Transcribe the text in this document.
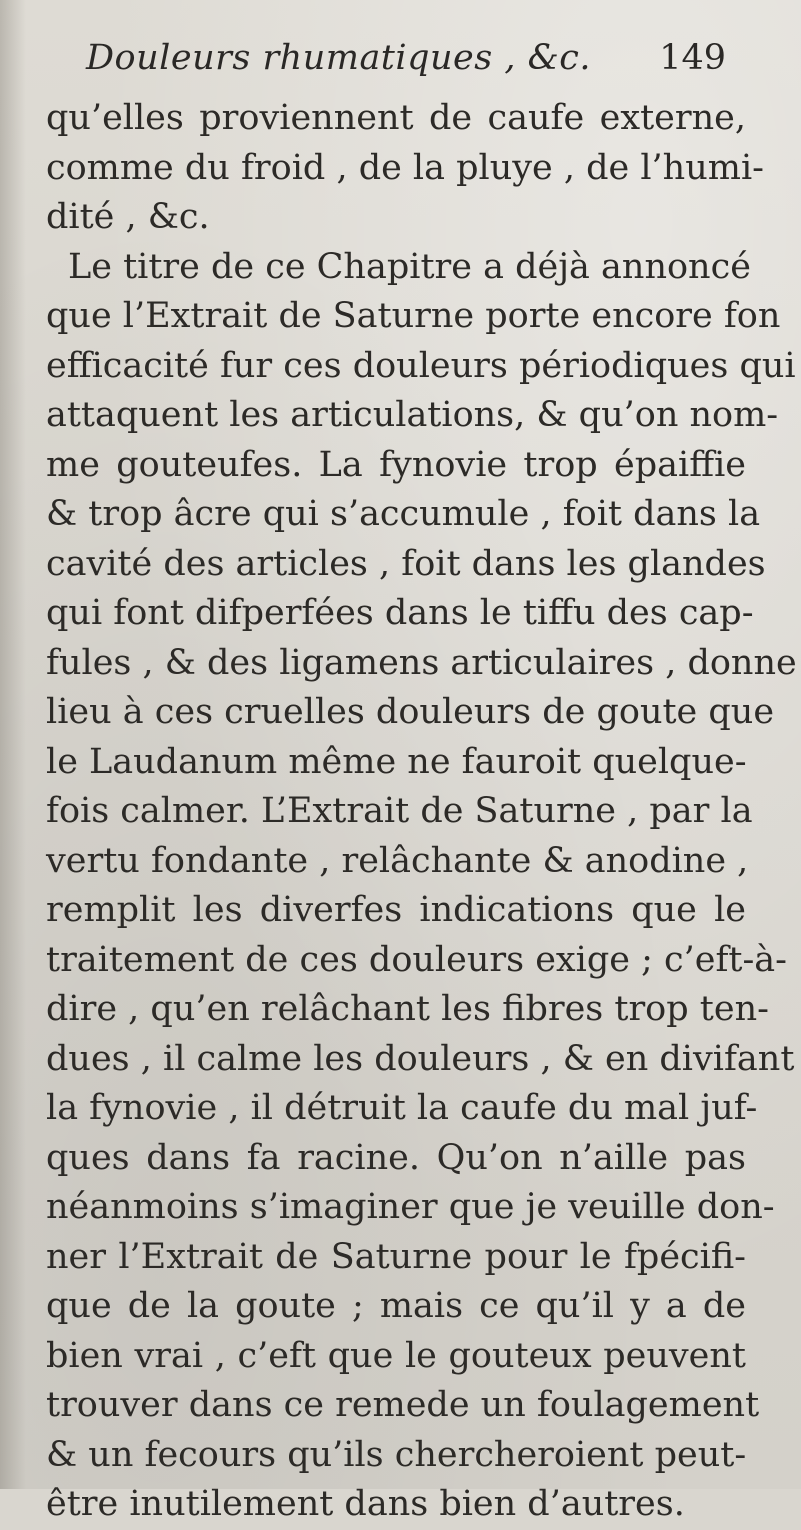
Douleurs rhumatiques , &c. 149
qu’elles proviennent de caufe externe,
comme du froid , de la pluye , de l’humi-
dité , &c.
Le titre de ce Chapitre a déjà annoncé
que l’Extrait de Saturne porte encore fon
efficacité fur ces douleurs périodiques qui
attaquent les articulations, & qu’on nom-
me gouteufes. La fynovie trop épaiffie
& trop âcre qui s’accumule , foit dans la
cavité des articles , foit dans les glandes
qui font difperfées dans le tiffu des cap-
fules , & des ligamens articulaires , donne
lieu à ces cruelles douleurs de goute que
le Laudanum même ne fauroit quelque-
fois calmer. L’Extrait de Saturne , par la
vertu fondante , relâchante & anodine ,
remplit les diverfes indications que le
traitement de ces douleurs exige ; c’eft-à-
dire , qu’en relâchant les fibres trop ten-
dues , il calme les douleurs , & en divifant
la fynovie , il détruit la caufe du mal juf-
ques dans fa racine. Qu’on n’aille pas
néanmoins s’imaginer que je veuille don-
ner l’Extrait de Saturne pour le fpécifi-
que de la goute ; mais ce qu’il y a de
bien vrai , c’eft que le gouteux peuvent
trouver dans ce remede un foulagement
& un fecours qu’ils chercheroient peut-
être inutilement dans bien d’autres.
